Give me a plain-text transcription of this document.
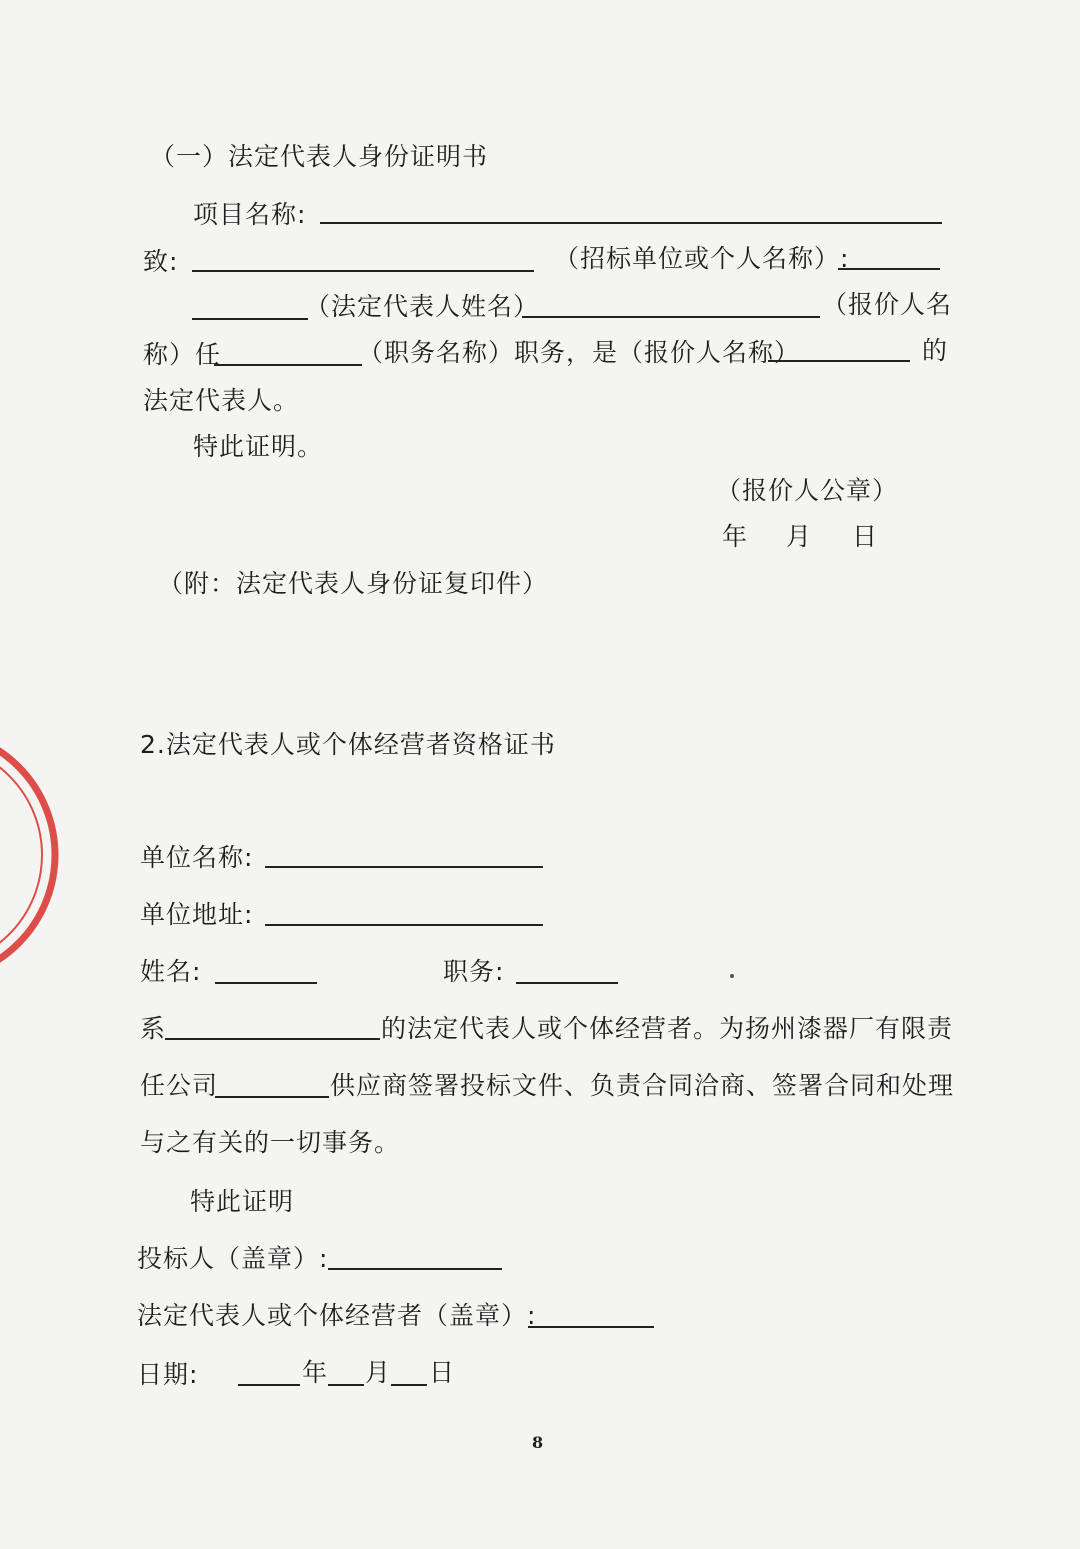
（一）法定代表人身份证明书
项目名称:
致:	（招标单位或个人名称）:
（法定代表人姓名）	（报价人名
称）任	（职务名称）职务，是（报价人名称）	的
法定代表人。
特此证明。
（报价人公章）
年 月 日
（附：法定代表人身份证复印件）
2.法定代表人或个体经营者资格证书
单位名称:
单位地址:
姓名:	职务:
系	的法定代表人或个体经营者。为扬州漆器厂有限责
任公司	供应商签署投标文件、负责合同洽商、签署合同和处理
与之有关的一切事务。
特此证明
投标人（盖章）:
法定代表人或个体经营者（盖章）:
日期:	年 月 日
8
